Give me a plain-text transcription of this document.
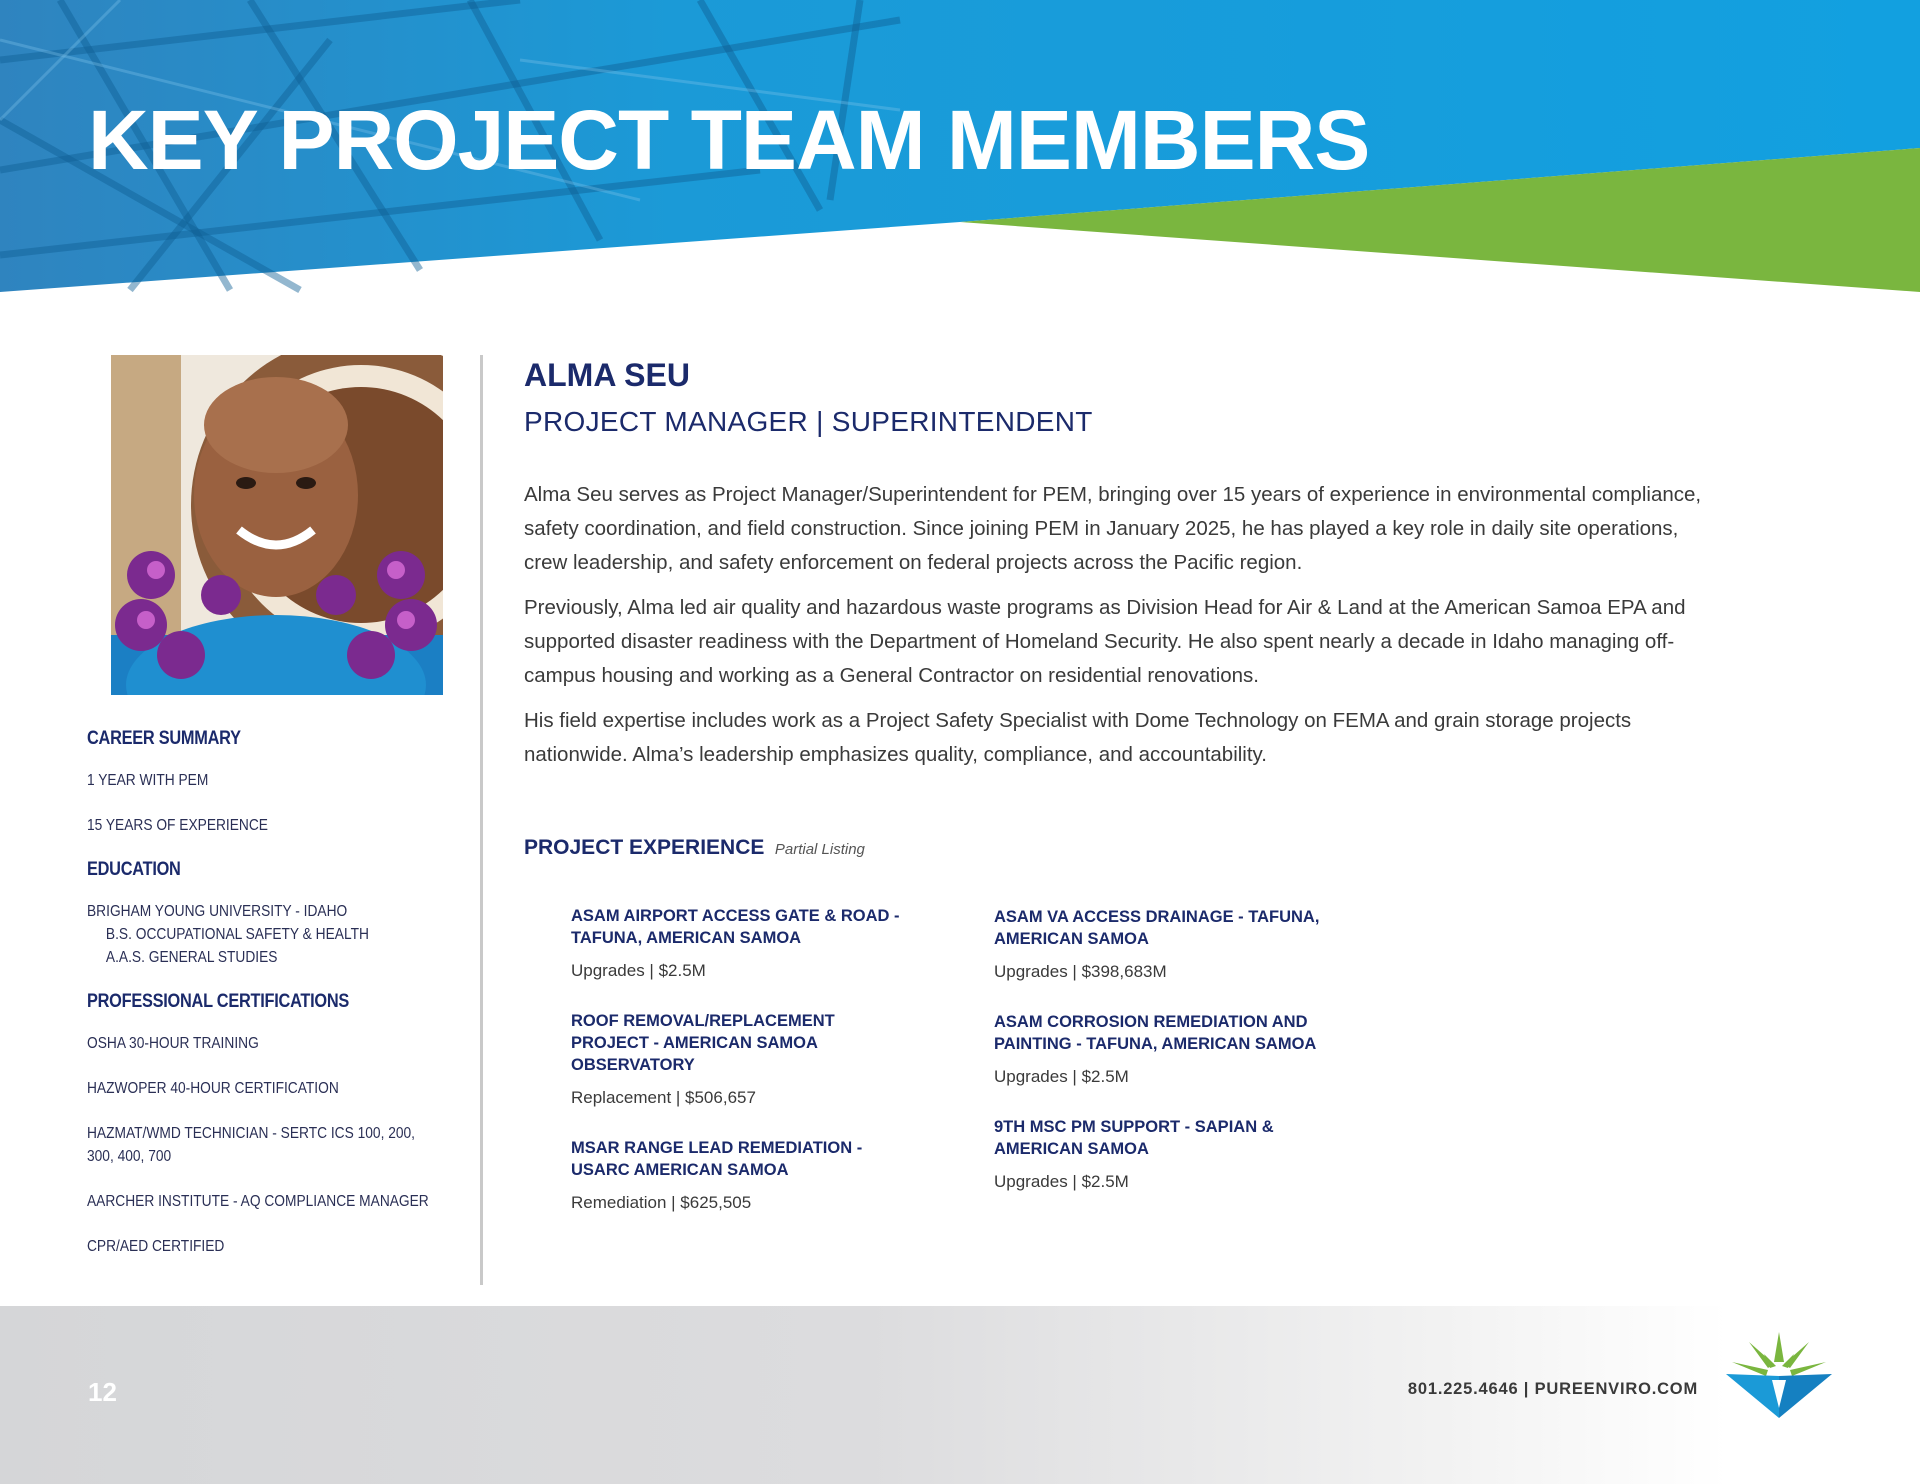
KEY PROJECT TEAM MEMBERS
CAREER SUMMARY
1 YEAR WITH PEM
15 YEARS OF EXPERIENCE
EDUCATION
BRIGHAM YOUNG UNIVERSITY - IDAHO
B.S. OCCUPATIONAL SAFETY & HEALTH
A.A.S. GENERAL STUDIES
PROFESSIONAL CERTIFICATIONS
OSHA 30-HOUR TRAINING
HAZWOPER 40-HOUR CERTIFICATION
HAZMAT/WMD TECHNICIAN - SERTC ICS 100, 200,
300, 400, 700
AARCHER INSTITUTE - AQ COMPLIANCE MANAGER
CPR/AED CERTIFIED
ALMA SEU
PROJECT MANAGER | SUPERINTENDENT

Alma Seu serves as Project Manager/Superintendent for PEM, bringing over 15 years of experience in environmental compliance, safety coordination, and field construction. Since joining PEM in January 2025, he has played a key role in daily site operations, crew leadership, and safety enforcement on federal projects across the Pacific region.

Previously, Alma led air quality and hazardous waste programs as Division Head for Air & Land at the American Samoa EPA and supported disaster readiness with the Department of Homeland Security. He also spent nearly a decade in Idaho managing off-campus housing and working as a General Contractor on residential renovations.

His field expertise includes work as a Project Safety Specialist with Dome Technology on FEMA and grain storage projects nationwide. Alma’s leadership emphasizes quality, compliance, and accountability.

PROJECT EXPERIENCE Partial Listing
ASAM AIRPORT ACCESS GATE & ROAD - TAFUNA, AMERICAN SAMOA
Upgrades | $2.5M
ROOF REMOVAL/REPLACEMENT PROJECT - AMERICAN SAMOA OBSERVATORY
Replacement | $506,657
MSAR RANGE LEAD REMEDIATION - USARC AMERICAN SAMOA
Remediation | $625,505
ASAM VA ACCESS DRAINAGE - TAFUNA, AMERICAN SAMOA
Upgrades | $398,683M
ASAM CORROSION REMEDIATION AND PAINTING - TAFUNA, AMERICAN SAMOA
Upgrades | $2.5M
9TH MSC PM SUPPORT - SAPIAN & AMERICAN SAMOA
Upgrades | $2.5M
12	801.225.4646 | PUREENVIRO.COM
